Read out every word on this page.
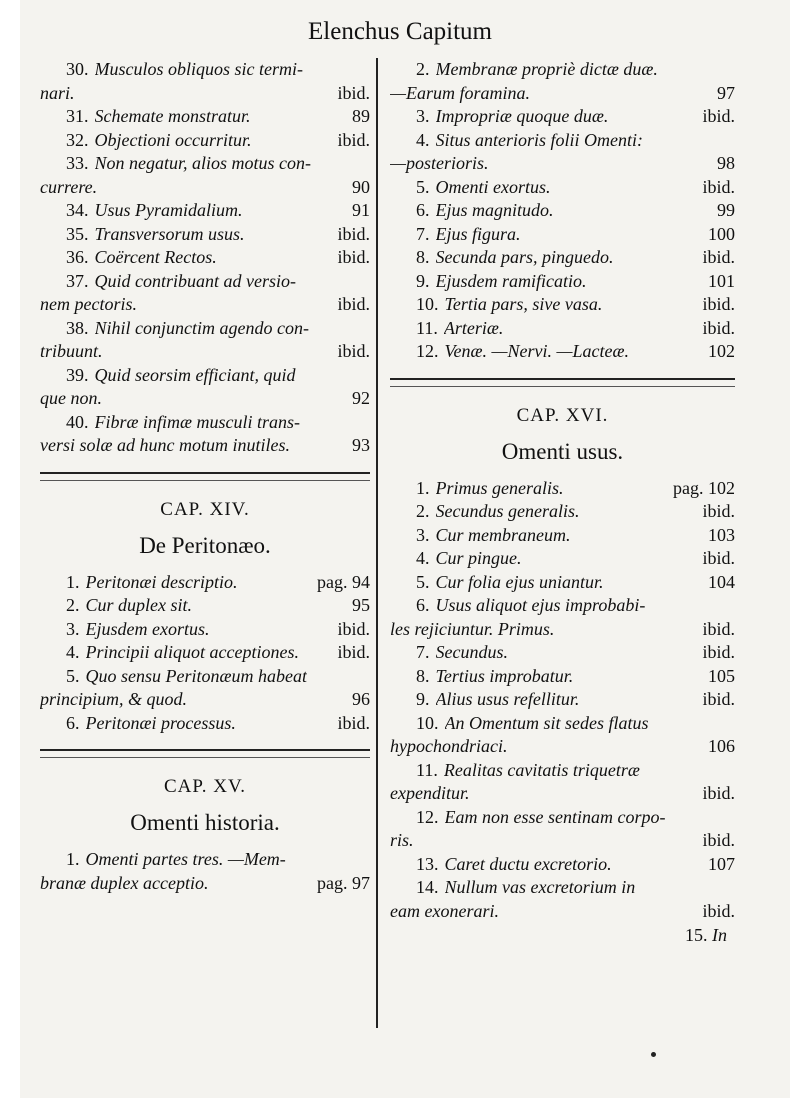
Elenchus Capitum
30. Musculos obliquos sic termi-
nari.	ibid.
31. Schemate monstratur.	89
32. Objectioni occurritur.	ibid.
33. Non negatur, alios motus con-
currere.	90
34. Usus Pyramidalium.	91
35. Transversorum usus.	ibid.
36. Coërcent Rectos.	ibid.
37. Quid contribuant ad versio-
nem pectoris.	ibid.
38. Nihil conjunctim agendo con-
tribuunt.	ibid.
39. Quid seorsim efficiant, quid
que non.	92
40. Fibræ infimæ musculi trans-
versi solæ ad hunc motum inutiles.	93
CAP. XIV.
De Peritonæo.
1. Peritonæi descriptio.	pag. 94
2. Cur duplex sit.	95
3. Ejusdem exortus.	ibid.
4. Principii aliquot acceptiones. ibid.
5. Quo sensu Peritonæum habeat
principium, & quod.	96
6. Peritonæi processus.	ibid.
CAP. XV.
Omenti historia.
1. Omenti partes tres. —Mem-
branæ duplex acceptio.	pag. 97
2. Membranæ propriè dictæ duæ.
—Earum foramina.	97
3. Impropriæ quoque duæ.	ibid.
4. Situs anterioris folii Omenti:
—posterioris.	98
5. Omenti exortus.	ibid.
6. Ejus magnitudo.	99
7. Ejus figura.	100
8. Secunda pars, pinguedo.	ibid.
9. Ejusdem ramificatio.	101
10. Tertia pars, sive vasa.	ibid.
11. Arteriæ.	ibid.
12. Venæ. —Nervi. —Lacteæ.	102
CAP. XVI.
Omenti usus.
1. Primus generalis.	pag. 102
2. Secundus generalis.	ibid.
3. Cur membraneum.	103
4. Cur pingue.	ibid.
5. Cur folia ejus uniantur.	104
6. Usus aliquot ejus improbabi-
les rejiciuntur. Primus.	ibid.
7. Secundus.	ibid.
8. Tertius improbatur.	105
9. Alius usus refellitur.	ibid.
10. An Omentum sit sedes flatus
hypochondriaci.	106
11. Realitas cavitatis triquetræ
expenditur.	ibid.
12. Eam non esse sentinam corpo-
ris.	ibid.
13. Caret ductu excretorio.	107
14. Nullum vas excretorium in
eam exonerari.	ibid.
15. In
